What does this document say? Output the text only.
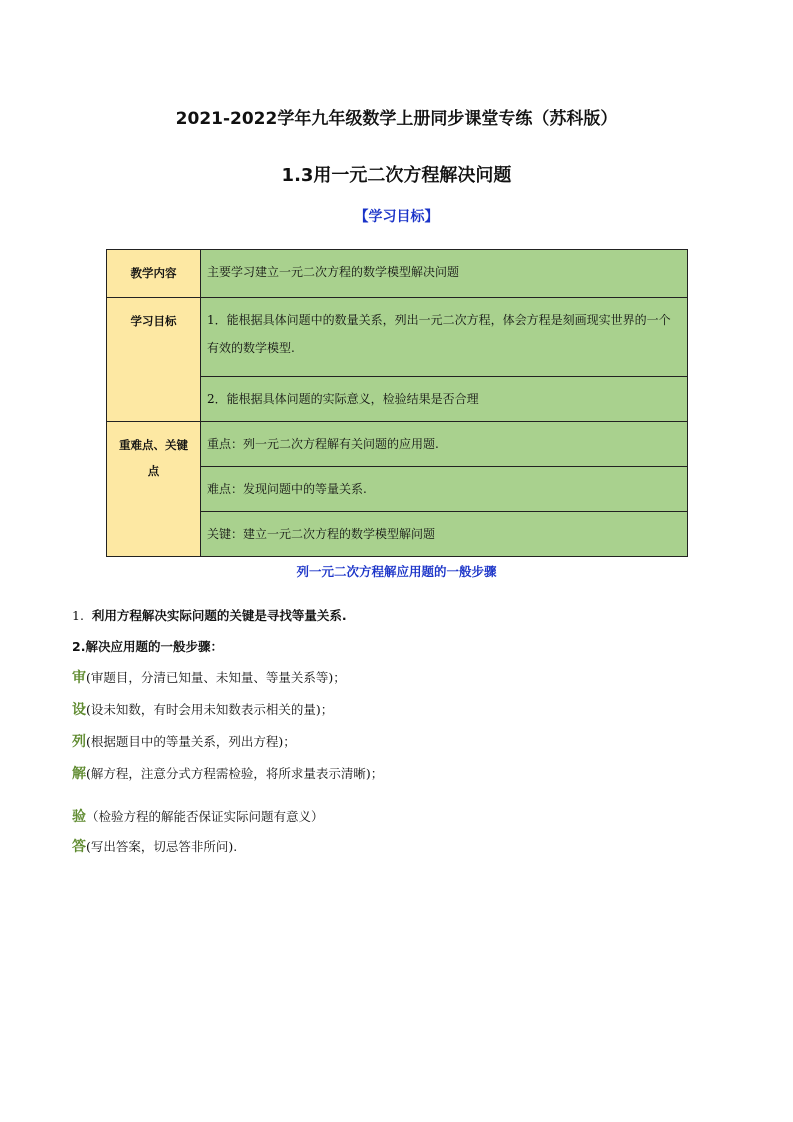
2021-2022学年九年级数学上册同步课堂专练（苏科版）
1.3用一元二次方程解决问题
【学习目标】
教学内容	主要学习建立一元二次方程的数学模型解决问题

学习目标	1．能根据具体问题中的数量关系，列出一元二次方程，体会方程是刻画现实世界的一个有效的数学模型.
	2．能根据具体问题的实际意义，检验结果是否合理

重难点、关键
点	重点：列一元二次方程解有关问题的应用题.
	难点：发现问题中的等量关系.
	关键：建立一元二次方程的数学模型解问题
列一元二次方程解应用题的一般步骤
1. 利用方程解决实际问题的关键是寻找等量关系.
2.解决应用题的一般步骤：
审(审题目，分清已知量、未知量、等量关系等)；
设(设未知数，有时会用未知数表示相关的量)；
列(根据题目中的等量关系，列出方程)；
解(解方程，注意分式方程需检验，将所求量表示清晰)；
验（检验方程的解能否保证实际问题有意义）
答(写出答案，切忌答非所问).
